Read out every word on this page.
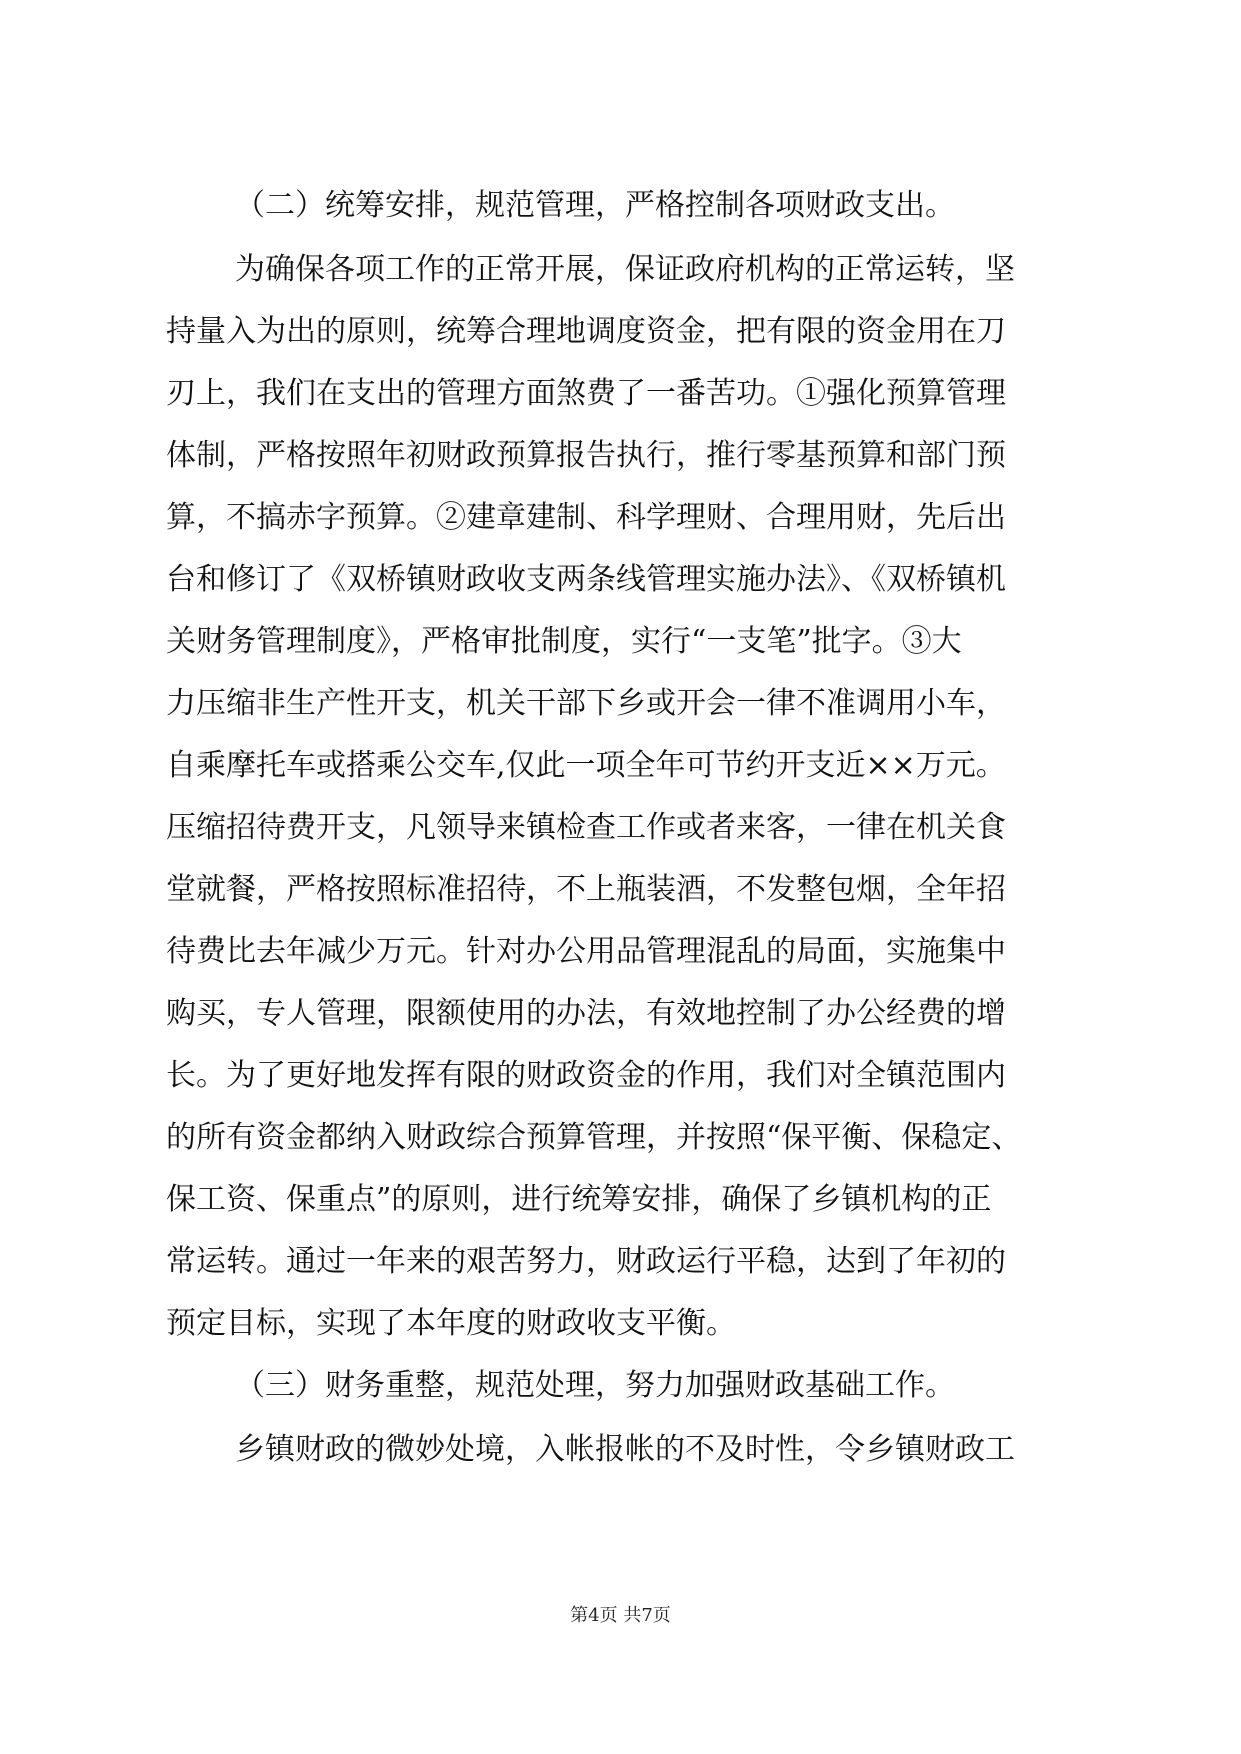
（二）统筹安排，规范管理，严格控制各项财政支出。
为确保各项工作的正常开展，保证政府机构的正常运转，坚
持量入为出的原则，统筹合理地调度资金，把有限的资金用在刀
刃上，我们在支出的管理方面煞费了一番苦功。①强化预算管理
体制，严格按照年初财政预算报告执行，推行零基预算和部门预
算，不搞赤字预算。②建章建制、科学理财、合理用财，先后出
台和修订了《双桥镇财政收支两条线管理实施办法》、《双桥镇机
关财务管理制度》，严格审批制度，实行“一支笔”批字。③大
力压缩非生产性开支，机关干部下乡或开会一律不准调用小车，
自乘摩托车或搭乘公交车,仅此一项全年可节约开支近××万元。
压缩招待费开支，凡领导来镇检查工作或者来客，一律在机关食
堂就餐，严格按照标准招待，不上瓶装酒，不发整包烟，全年招
待费比去年减少万元。针对办公用品管理混乱的局面，实施集中
购买，专人管理，限额使用的办法，有效地控制了办公经费的增
长。为了更好地发挥有限的财政资金的作用，我们对全镇范围内
的所有资金都纳入财政综合预算管理，并按照“保平衡、保稳定、
保工资、保重点”的原则，进行统筹安排，确保了乡镇机构的正
常运转。通过一年来的艰苦努力，财政运行平稳，达到了年初的
预定目标，实现了本年度的财政收支平衡。
（三）财务重整，规范处理，努力加强财政基础工作。
乡镇财政的微妙处境，入帐报帐的不及时性，令乡镇财政工
第4页 共7页
